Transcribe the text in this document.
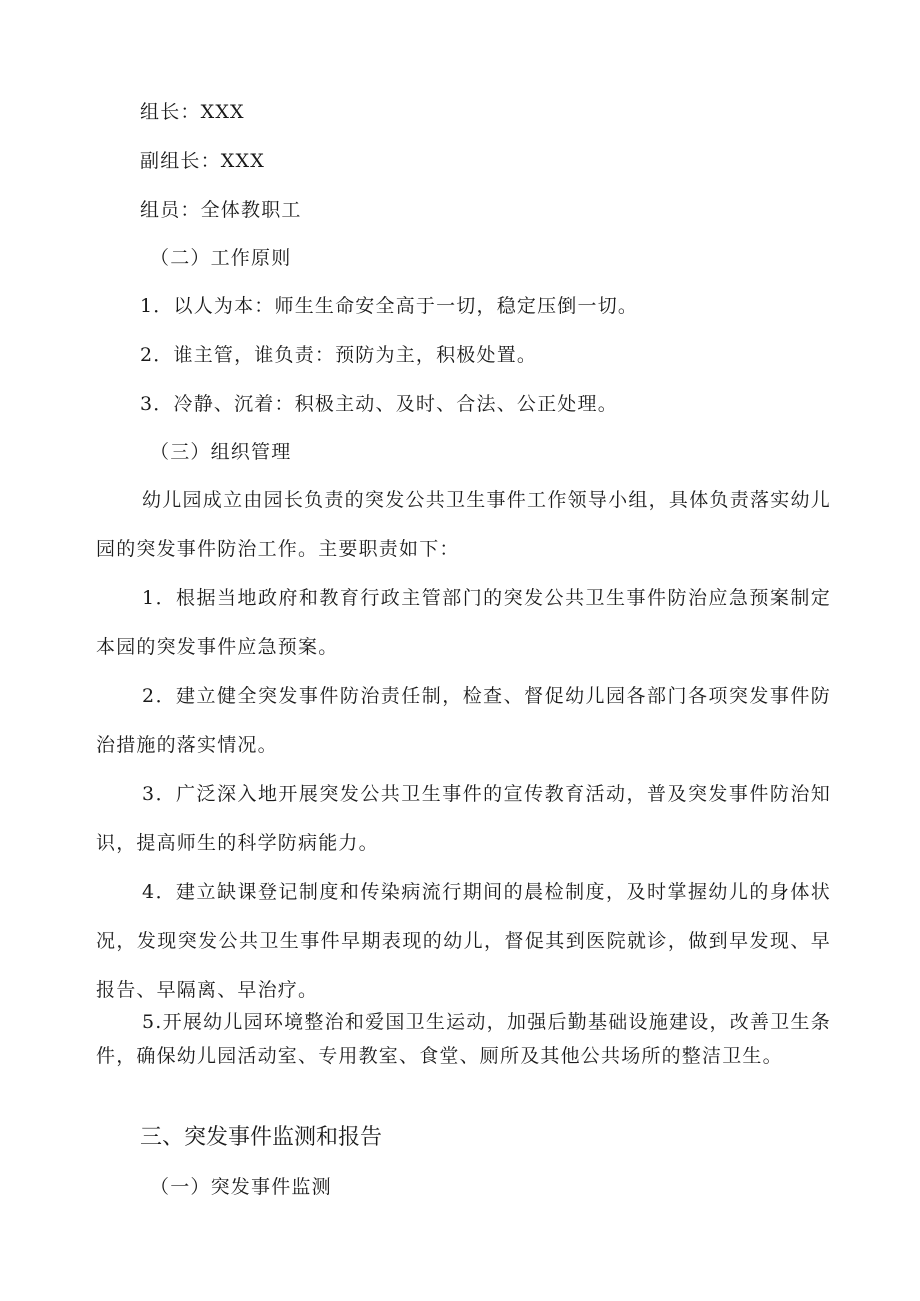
组长：XXX
副组长：XXX
组员：全体教职工
（二）工作原则
1．以人为本：师生生命安全高于一切，稳定压倒一切。
2．谁主管，谁负责：预防为主，积极处置。
3．冷静、沉着：积极主动、及时、合法、公正处理。
（三）组织管理

幼儿园成立由园长负责的突发公共卫生事件工作领导小组，具体负责落实幼儿园的突发事件防治工作。主要职责如下：

1．根据当地政府和教育行政主管部门的突发公共卫生事件防治应急预案制定本园的突发事件应急预案。

2．建立健全突发事件防治责任制，检查、督促幼儿园各部门各项突发事件防治措施的落实情况。

3．广泛深入地开展突发公共卫生事件的宣传教育活动，普及突发事件防治知识，提高师生的科学防病能力。

4．建立缺课登记制度和传染病流行期间的晨检制度，及时掌握幼儿的身体状况，发现突发公共卫生事件早期表现的幼儿，督促其到医院就诊，做到早发现、早报告、早隔离、早治疗。

5.开展幼儿园环境整治和爱国卫生运动，加强后勤基础设施建设，改善卫生条件，确保幼儿园活动室、专用教室、食堂、厕所及其他公共场所的整洁卫生。

三、突发事件监测和报告
（一）突发事件监测
